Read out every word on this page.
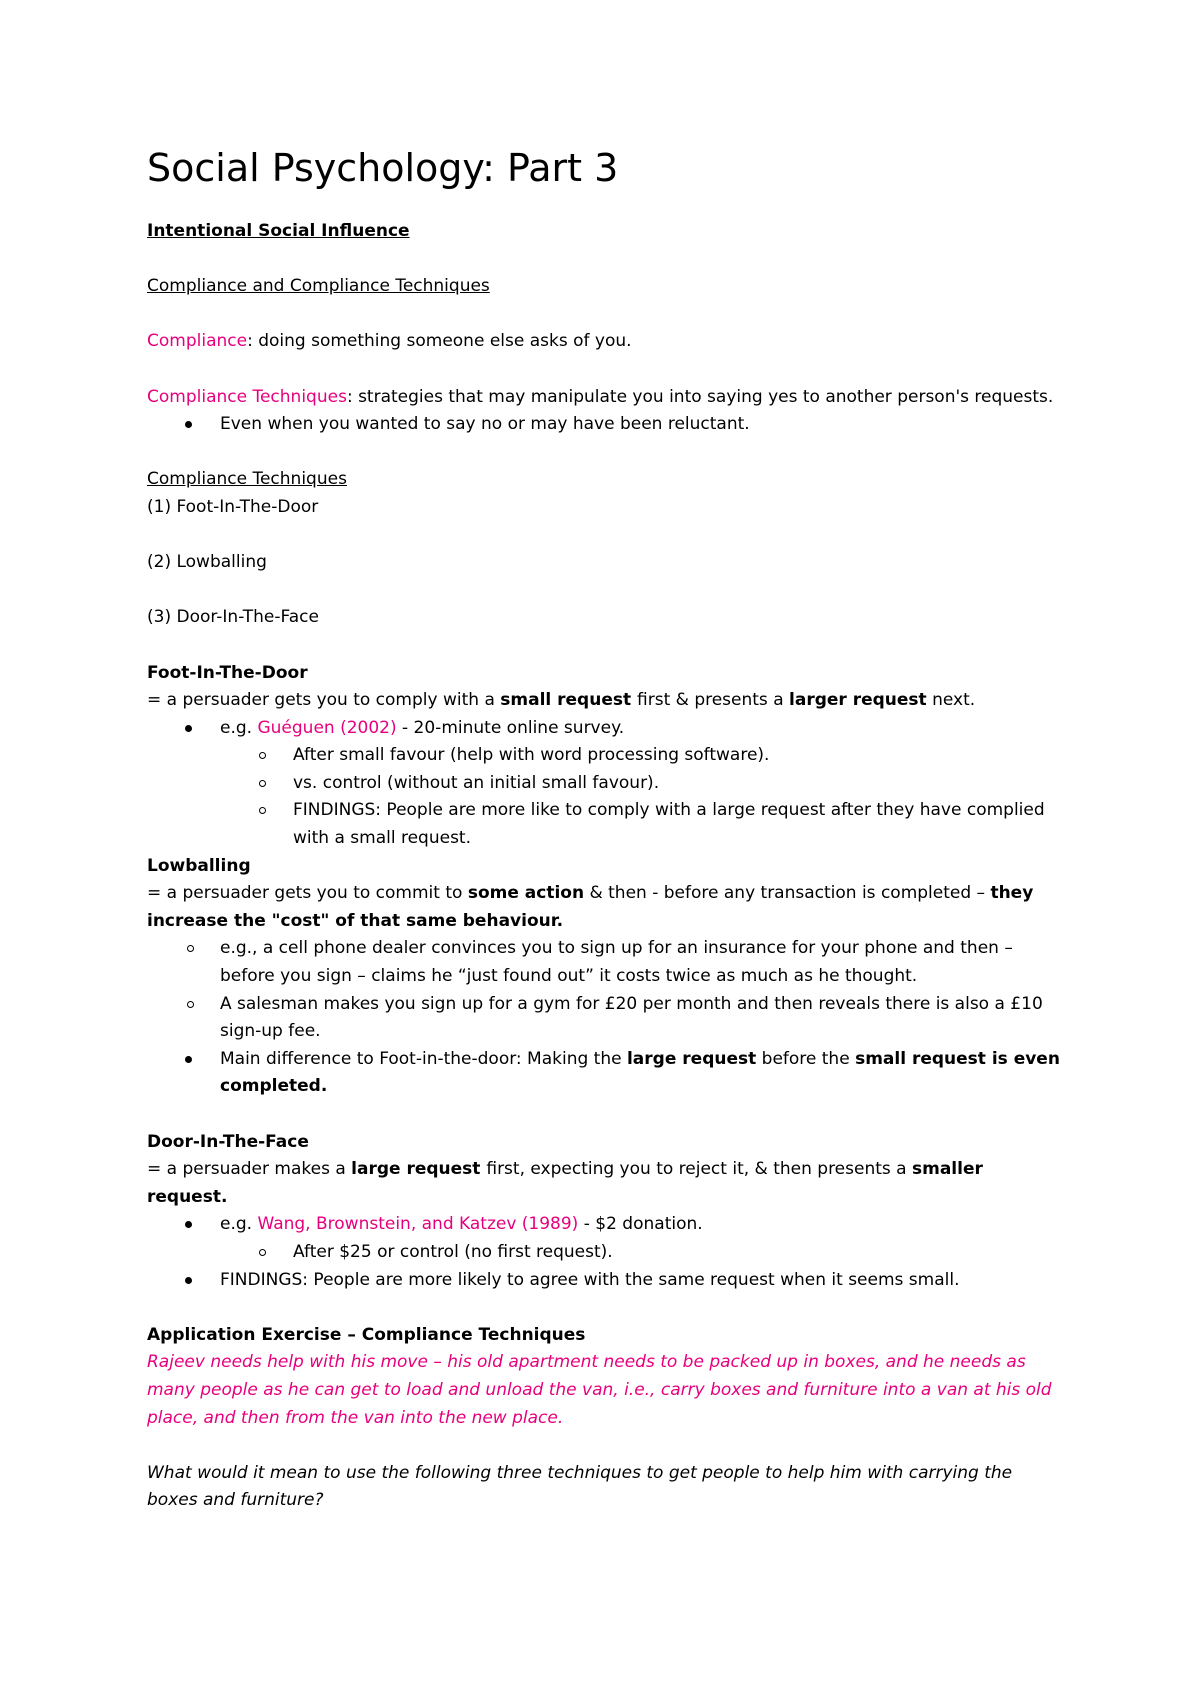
Social Psychology: Part 3

Intentional Social Influence

Compliance and Compliance Techniques

Compliance: doing something someone else asks of you.

Compliance Techniques: strategies that may manipulate you into saying yes to another person's requests.

Even when you wanted to say no or may have been reluctant.

Compliance Techniques

(1) Foot-In-The-Door

(2) Lowballing

(3) Door-In-The-Face

Foot-In-The-Door

= a persuader gets you to comply with a small request first & presents a larger request next.

e.g. Guéguen (2002) - 20-minute online survey.
After small favour (help with word processing software).
vs. control (without an initial small favour).
FINDINGS: People are more like to comply with a large request after they have complied with a small request.

Lowballing

= a persuader gets you to commit to some action & then - before any transaction is completed – they increase the "cost" of that same behaviour.

e.g., a cell phone dealer convinces you to sign up for an insurance for your phone and then – before you sign – claims he “just found out” it costs twice as much as he thought.
A salesman makes you sign up for a gym for £20 per month and then reveals there is also a £10 sign-up fee.
Main difference to Foot-in-the-door: Making the large request before the small request is even completed.

Door-In-The-Face

= a persuader makes a large request first, expecting you to reject it, & then presents a smaller request.

e.g. Wang, Brownstein, and Katzev (1989) - $2 donation.
After $25 or control (no first request).
FINDINGS: People are more likely to agree with the same request when it seems small.

Application Exercise – Compliance Techniques

Rajeev needs help with his move – his old apartment needs to be packed up in boxes, and he needs as many people as he can get to load and unload the van, i.e., carry boxes and furniture into a van at his old place, and then from the van into the new place.

What would it mean to use the following three techniques to get people to help him with carrying the boxes and furniture?
